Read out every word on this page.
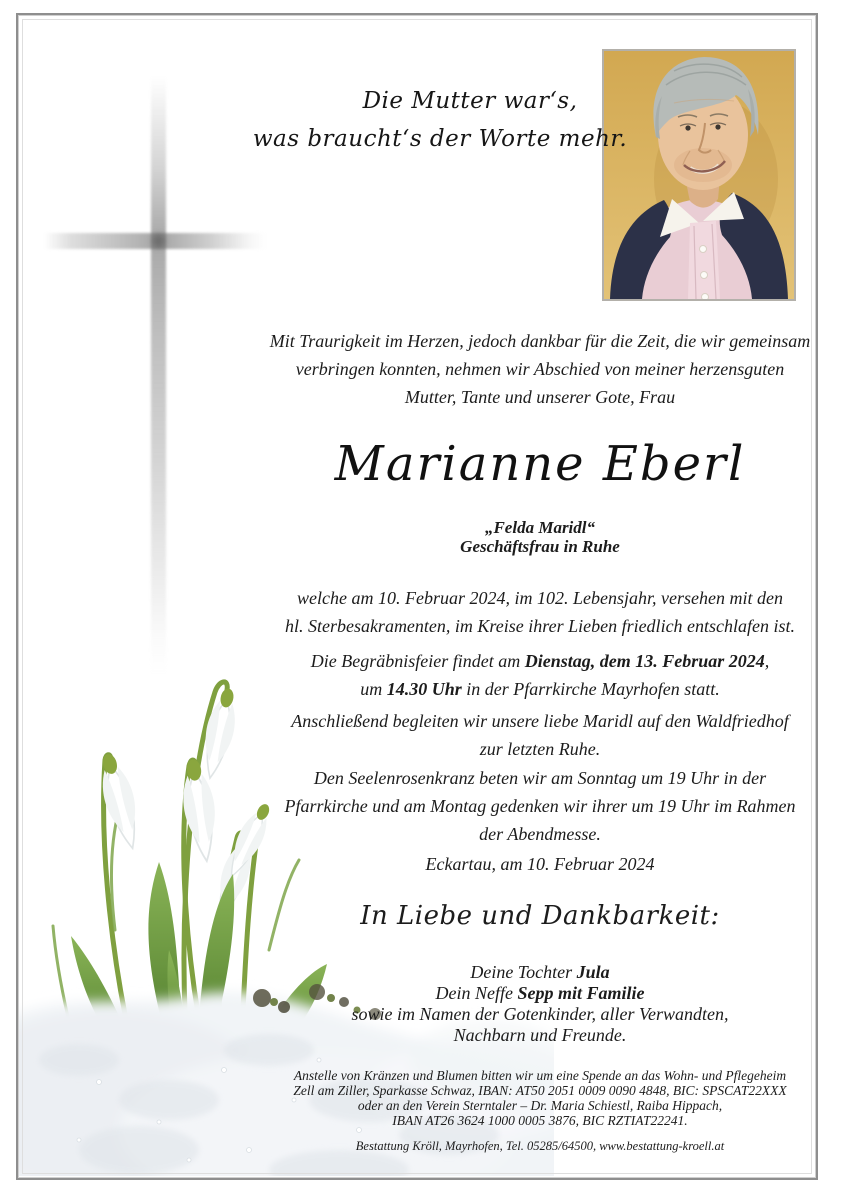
Die Mutter war‘s,
was braucht‘s der Worte mehr.
Mit Traurigkeit im Herzen, jedoch dankbar für die Zeit, die wir gemeinsam
verbringen konnten, nehmen wir Abschied von meiner herzensguten
Mutter, Tante und unserer Gote, Frau
Marianne Eberl
„Felda Maridl“
Geschäftsfrau in Ruhe
welche am 10. Februar 2024, im 102. Lebensjahr, versehen mit den
hl. Sterbesakramenten, im Kreise ihrer Lieben friedlich entschlafen ist.
Die Begräbnisfeier findet am Dienstag, dem 13. Februar 2024,
um 14.30 Uhr in der Pfarrkirche Mayrhofen statt.
Anschließend begleiten wir unsere liebe Maridl auf den Waldfriedhof
zur letzten Ruhe.
Den Seelenrosenkranz beten wir am Sonntag um 19 Uhr in der
Pfarrkirche und am Montag gedenken wir ihrer um 19 Uhr im Rahmen
der Abendmesse.
Eckartau, am 10. Februar 2024
In Liebe und Dankbarkeit:
Deine Tochter Jula
Dein Neffe Sepp mit Familie
sowie im Namen der Gotenkinder, aller Verwandten,
Nachbarn und Freunde.
Anstelle von Kränzen und Blumen bitten wir um eine Spende an das Wohn- und Pflegeheim
Zell am Ziller, Sparkasse Schwaz, IBAN: AT50 2051 0009 0090 4848, BIC: SPSCAT22XXX
oder an den Verein Sterntaler – Dr. Maria Schiestl, Raiba Hippach,
IBAN AT26 3624 1000 0005 3876, BIC RZTIAT22241.
Bestattung Kröll, Mayrhofen, Tel. 05285/64500, www.bestattung-kroell.at
